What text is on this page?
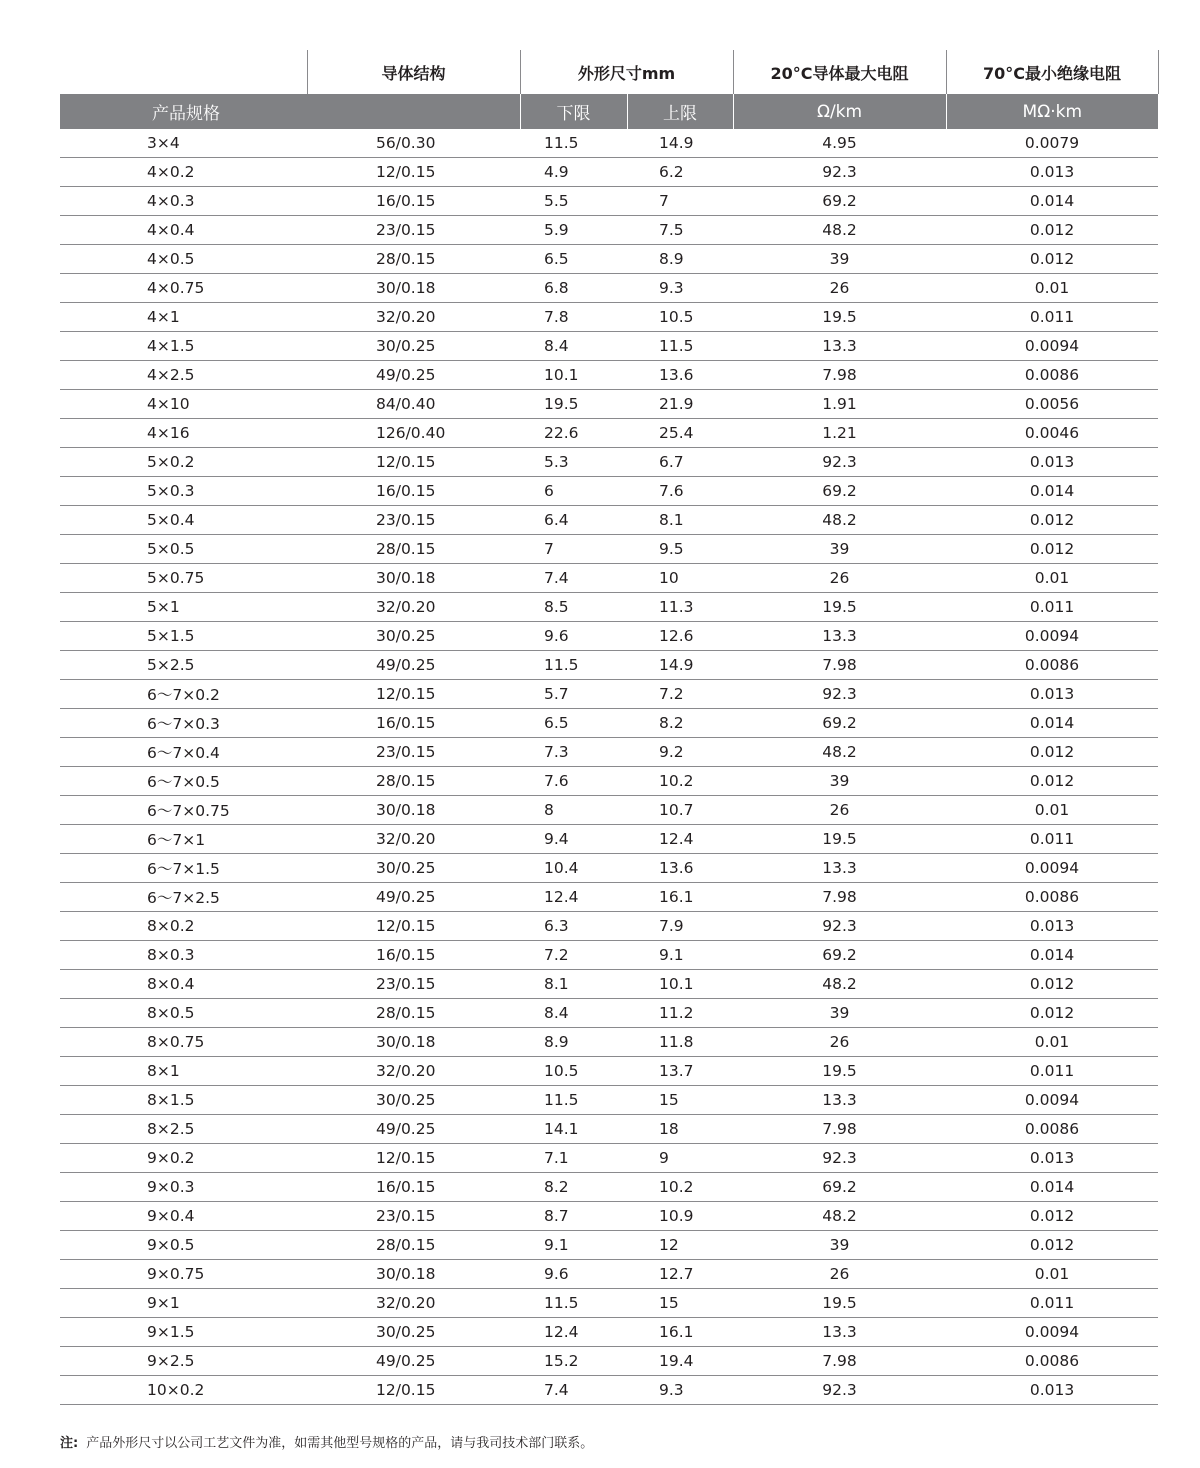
	导体结构	外形尺寸mm		20°C导体最大电阻	70°C最小绝缘电阻
产品规格		下限	上限	Ω/km	MΩ·km
3×4	56/0.30	11.5	14.9	4.95	0.0079
4×0.2	12/0.15	4.9	6.2	92.3	0.013
4×0.3	16/0.15	5.5	7	69.2	0.014
4×0.4	23/0.15	5.9	7.5	48.2	0.012
4×0.5	28/0.15	6.5	8.9	39	0.012
4×0.75	30/0.18	6.8	9.3	26	0.01
4×1	32/0.20	7.8	10.5	19.5	0.011
4×1.5	30/0.25	8.4	11.5	13.3	0.0094
4×2.5	49/0.25	10.1	13.6	7.98	0.0086
4×10	84/0.40	19.5	21.9	1.91	0.0056
4×16	126/0.40	22.6	25.4	1.21	0.0046
5×0.2	12/0.15	5.3	6.7	92.3	0.013
5×0.3	16/0.15	6	7.6	69.2	0.014
5×0.4	23/0.15	6.4	8.1	48.2	0.012
5×0.5	28/0.15	7	9.5	39	0.012
5×0.75	30/0.18	7.4	10	26	0.01
5×1	32/0.20	8.5	11.3	19.5	0.011
5×1.5	30/0.25	9.6	12.6	13.3	0.0094
5×2.5	49/0.25	11.5	14.9	7.98	0.0086
6～7×0.2	12/0.15	5.7	7.2	92.3	0.013
6～7×0.3	16/0.15	6.5	8.2	69.2	0.014
6～7×0.4	23/0.15	7.3	9.2	48.2	0.012
6～7×0.5	28/0.15	7.6	10.2	39	0.012
6～7×0.75	30/0.18	8	10.7	26	0.01
6～7×1	32/0.20	9.4	12.4	19.5	0.011
6～7×1.5	30/0.25	10.4	13.6	13.3	0.0094
6～7×2.5	49/0.25	12.4	16.1	7.98	0.0086
8×0.2	12/0.15	6.3	7.9	92.3	0.013
8×0.3	16/0.15	7.2	9.1	69.2	0.014
8×0.4	23/0.15	8.1	10.1	48.2	0.012
8×0.5	28/0.15	8.4	11.2	39	0.012
8×0.75	30/0.18	8.9	11.8	26	0.01
8×1	32/0.20	10.5	13.7	19.5	0.011
8×1.5	30/0.25	11.5	15	13.3	0.0094
8×2.5	49/0.25	14.1	18	7.98	0.0086
9×0.2	12/0.15	7.1	9	92.3	0.013
9×0.3	16/0.15	8.2	10.2	69.2	0.014
9×0.4	23/0.15	8.7	10.9	48.2	0.012
9×0.5	28/0.15	9.1	12	39	0.012
9×0.75	30/0.18	9.6	12.7	26	0.01
9×1	32/0.20	11.5	15	19.5	0.011
9×1.5	30/0.25	12.4	16.1	13.3	0.0094
9×2.5	49/0.25	15.2	19.4	7.98	0.0086
10×0.2	12/0.15	7.4	9.3	92.3	0.013
注: 产品外形尺寸以公司工艺文件为准，如需其他型号规格的产品，请与我司技术部门联系。
